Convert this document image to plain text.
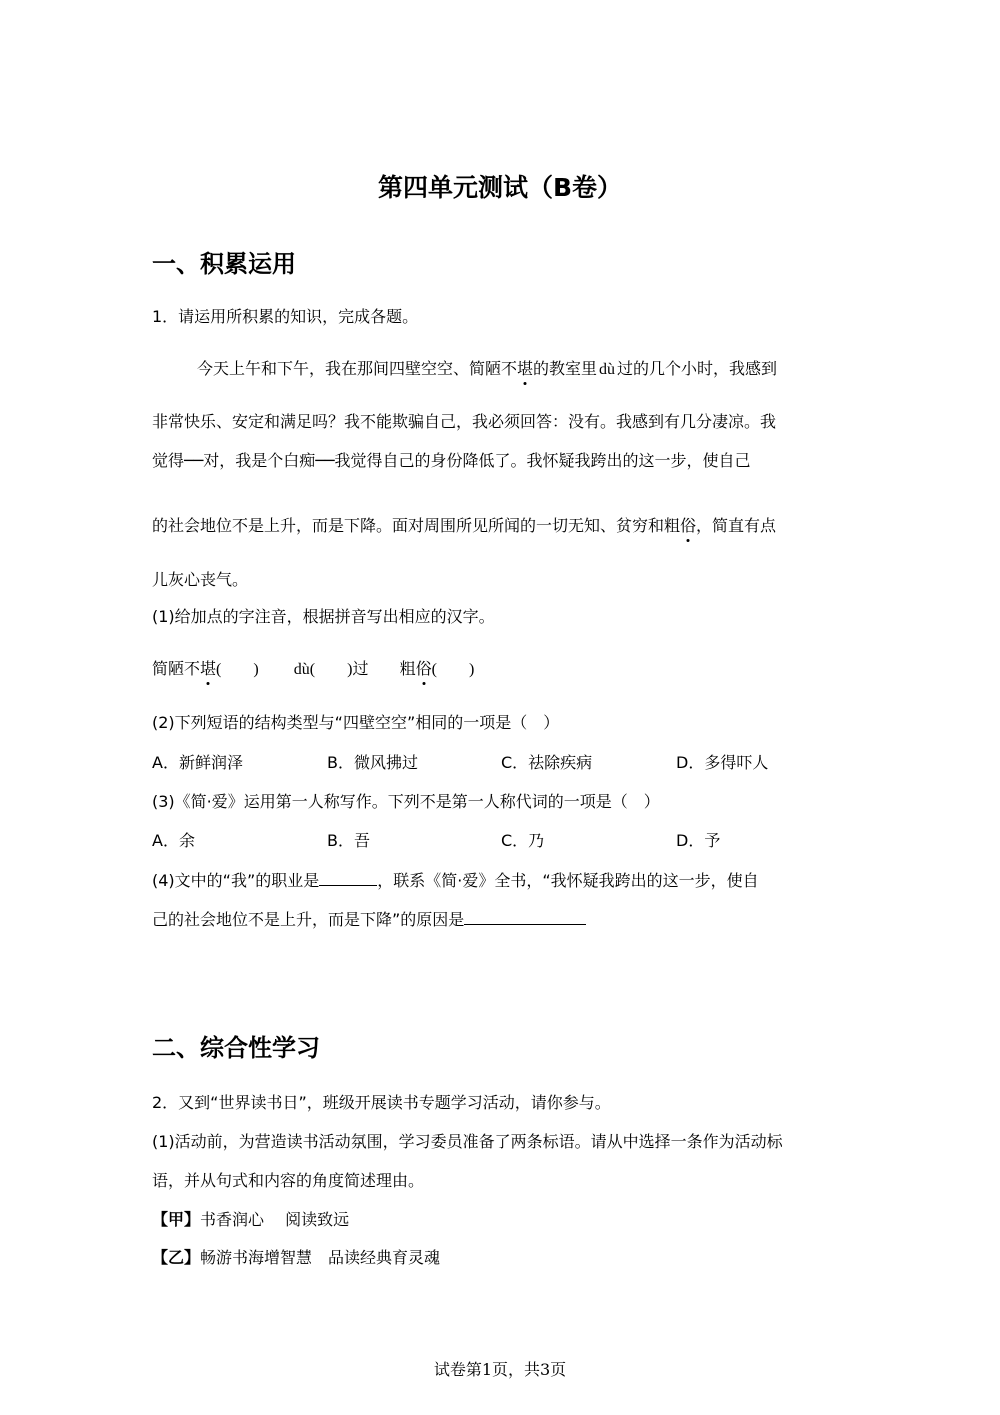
第四单元测试（B卷）
一、积累运用
1．请运用所积累的知识，完成各题。
今天上午和下午，我在那间四壁空空、简陋不堪的教室里 dù 过的几个小时，我感到
非常快乐、安定和满足吗？我不能欺骗自己，我必须回答：没有。我感到有几分凄凉。我
觉得──对，我是个白痴──我觉得自己的身份降低了。我怀疑我跨出的这一步，使自己
的社会地位不是上升，而是下降。面对周围所见所闻的一切无知、贫穷和粗俗，简直有点
儿灰心丧气。
(1)给加点的字注音，根据拼音写出相应的汉字。
简陋不堪(　　) dù(　　)过 粗俗(　　)
(2)下列短语的结构类型与“四壁空空”相同的一项是（　）
A．新鲜润泽	B．微风拂过	C．祛除疾病	D．多得吓人
(3)《简·爱》运用第一人称写作。下列不是第一人称代词的一项是（　）
A．余	B．吾	C．乃	D．予
(4)文中的“我”的职业是	，联系《简·爱》全书，“我怀疑我跨出的这一步，使自
己的社会地位不是上升，而是下降”的原因是
二、综合性学习
2．又到“世界读书日”，班级开展读书专题学习活动，请你参与。
(1)活动前，为营造读书活动氛围，学习委员准备了两条标语。请从中选择一条作为活动标
语，并从句式和内容的角度简述理由。
【甲】书香润心　 阅读致远
【乙】畅游书海增智慧　品读经典育灵魂
试卷第1页，共3页
